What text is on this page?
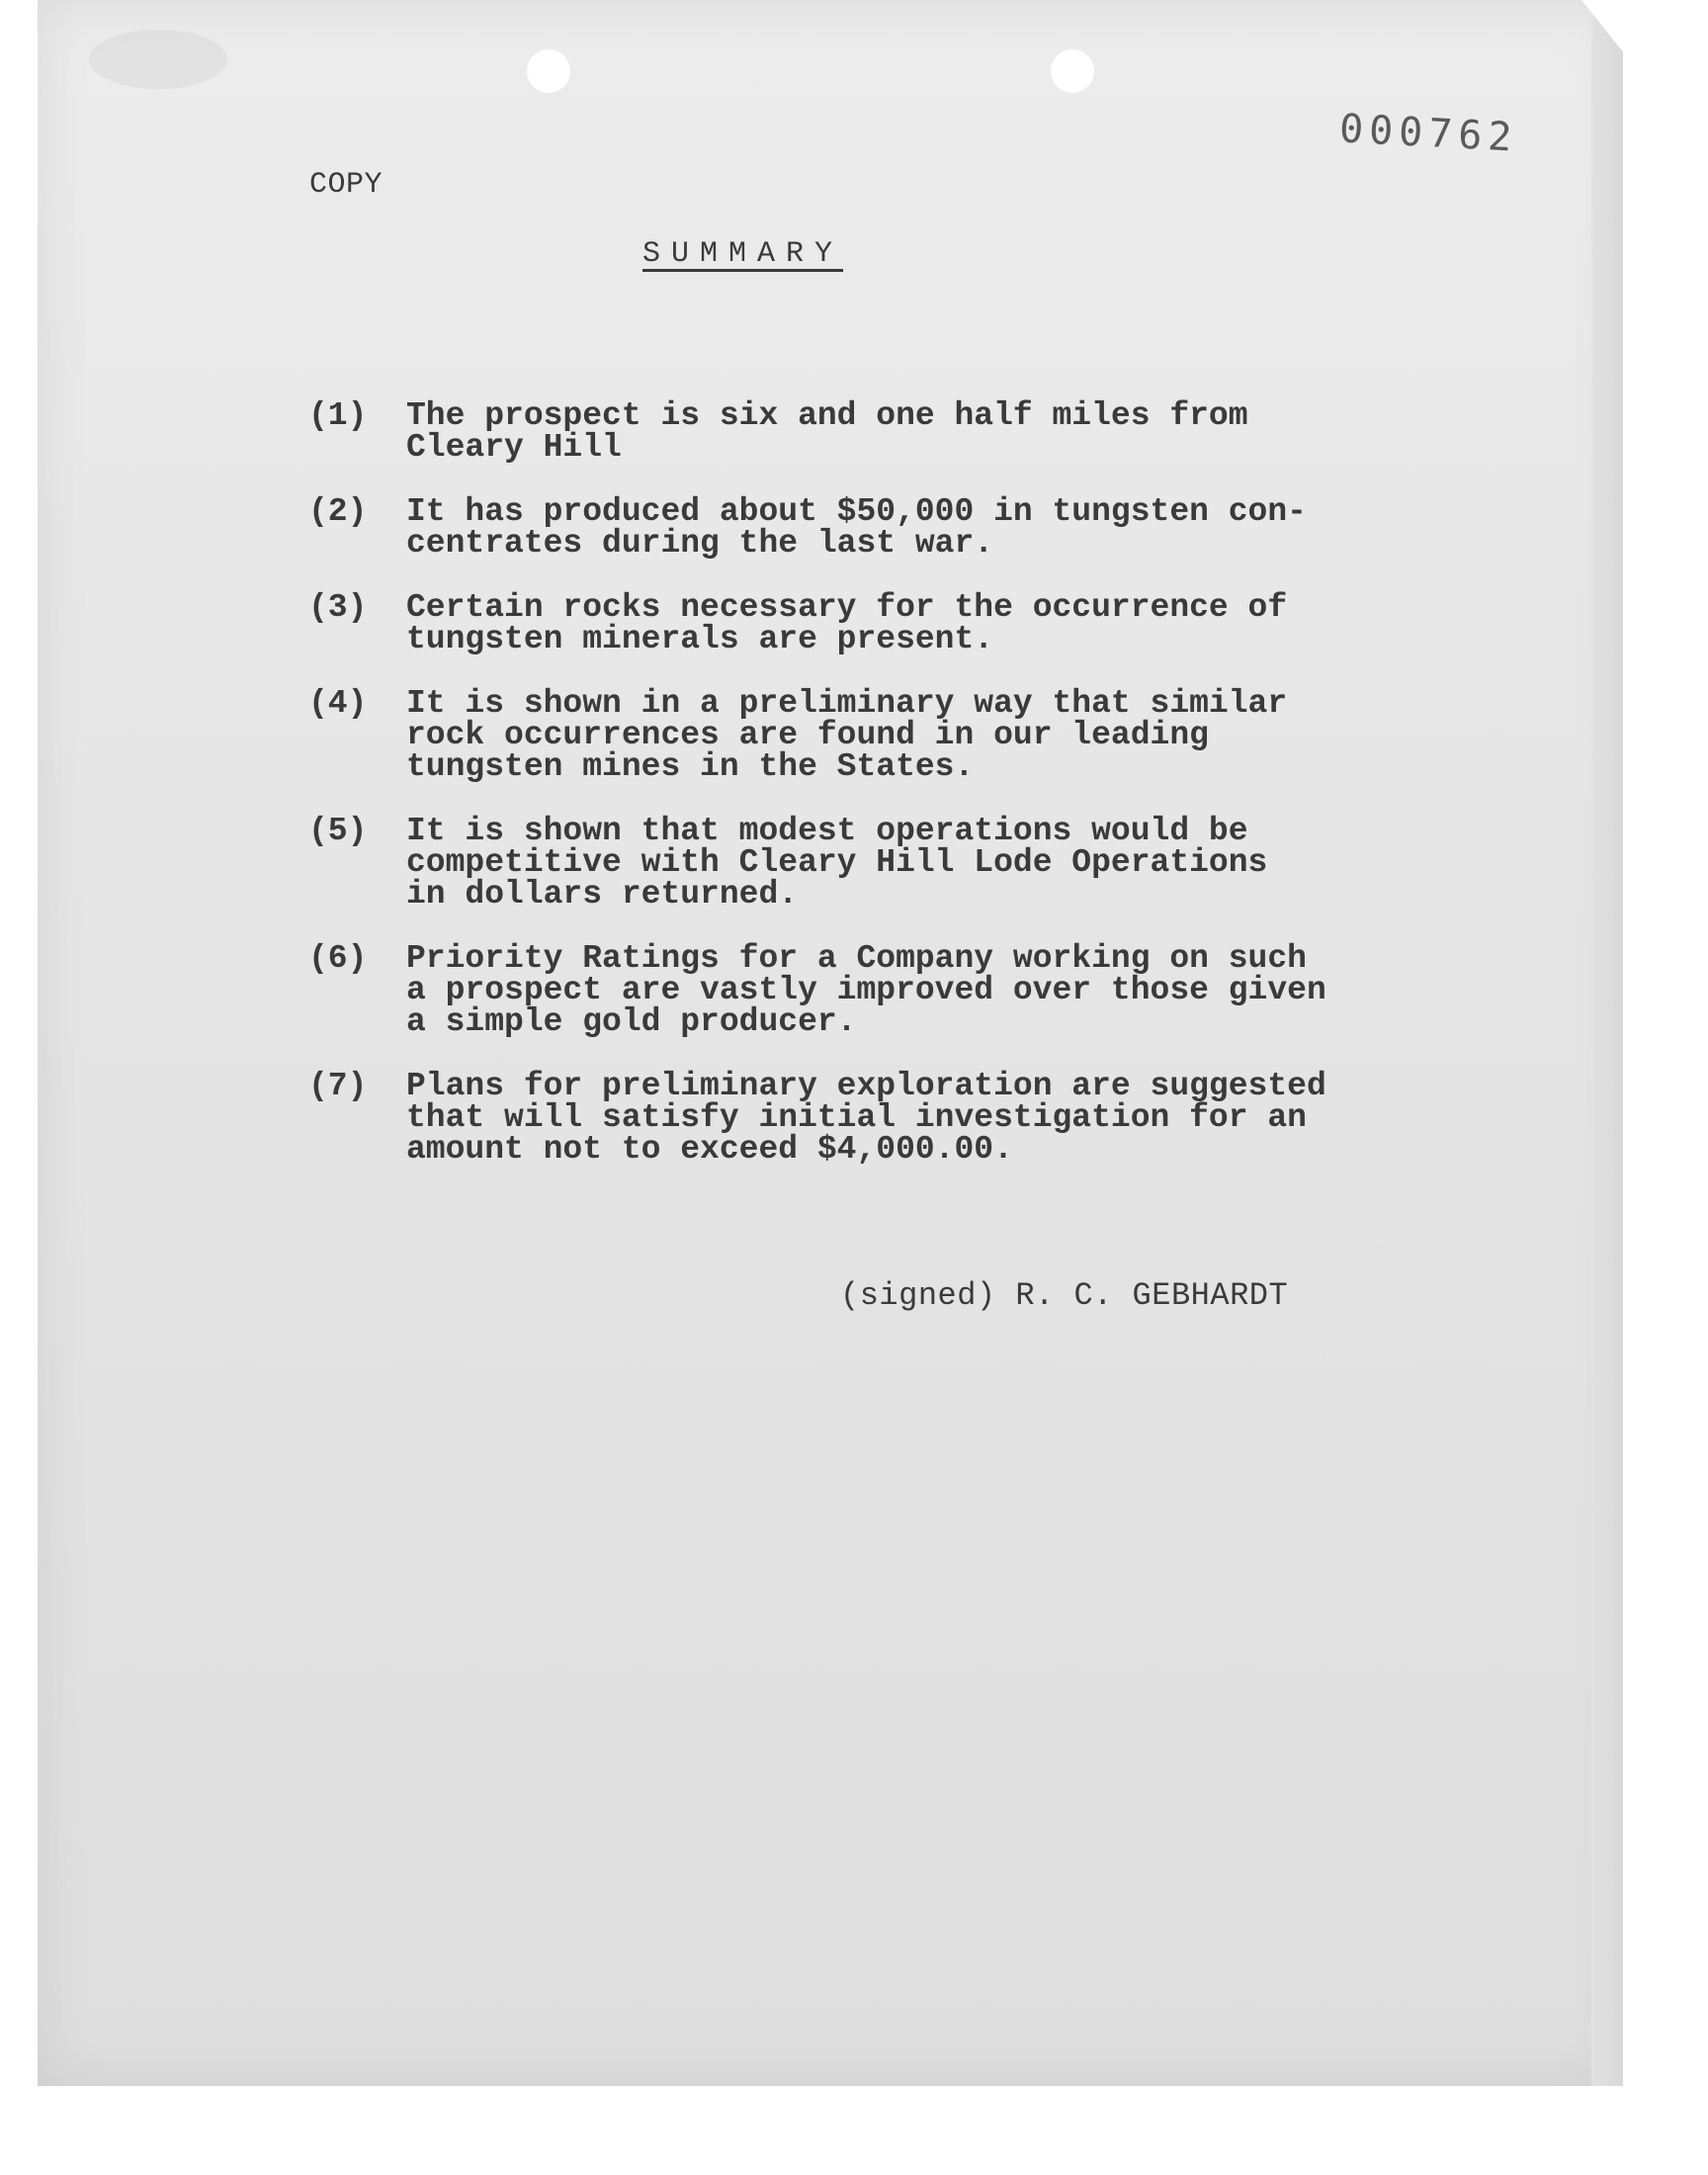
000762
COPY
SUMMARY
(1)	The prospect is six and one half miles from
Cleary Hill
(2)	It has produced about $50,000 in tungsten con-
centrates during the last war.
(3)	Certain rocks necessary for the occurrence of
tungsten minerals are present.
(4)	It is shown in a preliminary way that similar
rock occurrences are found in our leading
tungsten mines in the States.
(5)	It is shown that modest operations would be
competitive with Cleary Hill Lode Operations
in dollars returned.
(6)	Priority Ratings for a Company working on such
a prospect are vastly improved over those given
a simple gold producer.
(7)	Plans for preliminary exploration are suggested
that will satisfy initial investigation for an
amount not to exceed $4,000.00.
(signed) R. C. GEBHARDT
